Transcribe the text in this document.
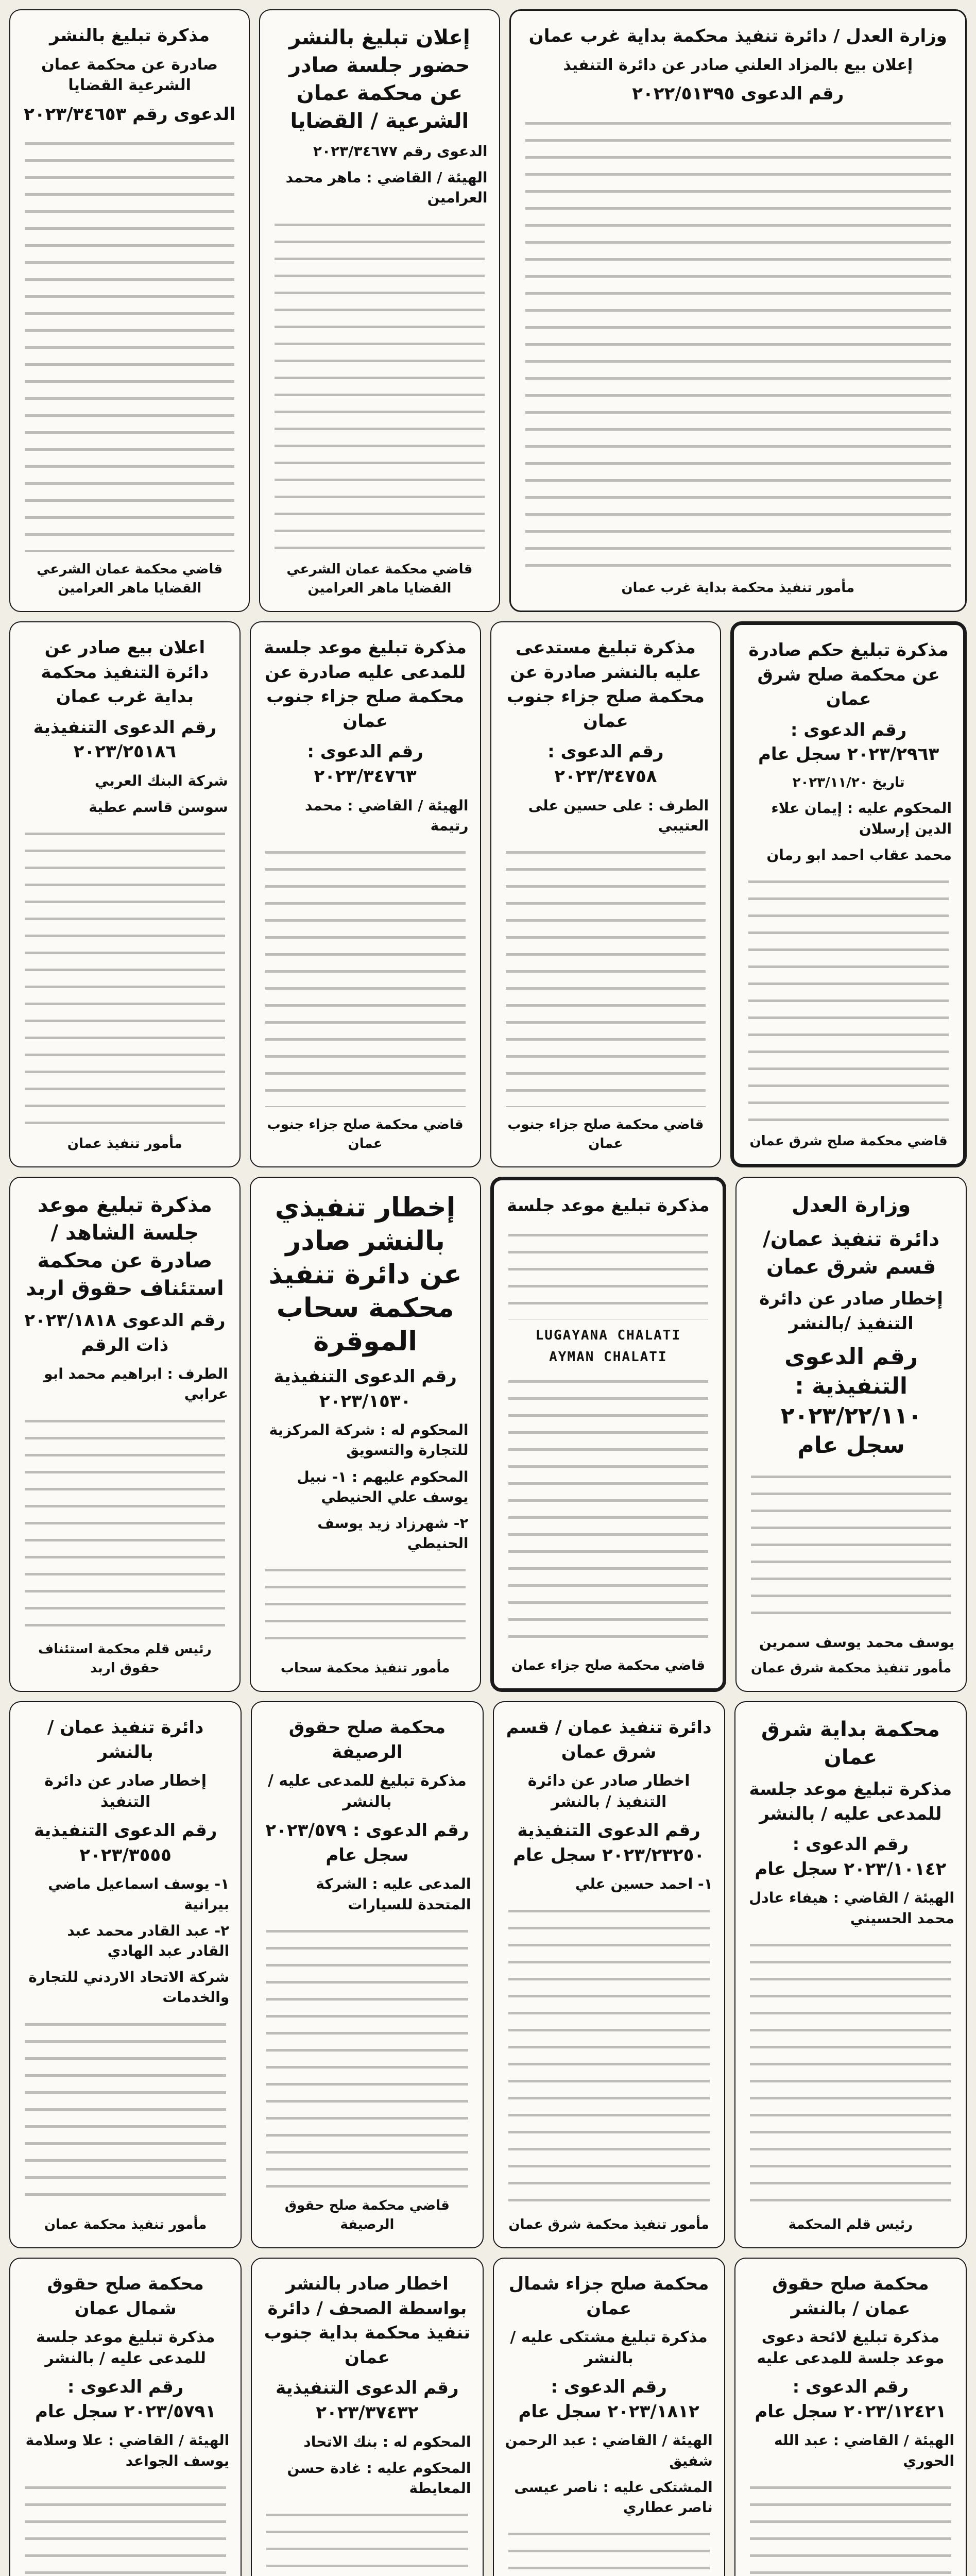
وزارة العدل / دائرة تنفيذ محكمة بداية غرب عمان
إعلان بيع بالمزاد العلني صادر عن دائرة التنفيذ
رقم الدعوى ٢٠٢٢/٥١٣٩٥
مأمور تنفيذ محكمة بداية غرب عمان
إعلان تبليغ بالنشر حضور جلسة صادر عن محكمة عمان الشرعية / القضايا
الدعوى رقم ٢٠٢٣/٣٤٦٧٧
الهيئة / القاضي : ماهر محمد العرامين
قاضي محكمة عمان الشرعي القضايا ماهر العرامين
مذكرة تبليغ بالنشر
صادرة عن محكمة عمان الشرعية القضايا
الدعوى رقم ٢٠٢٣/٣٤٦٥٣
قاضي محكمة عمان الشرعي القضايا ماهر العرامين
مذكرة تبليغ حكم صادرة عن محكمة صلح شرق عمان
رقم الدعوى : ٢٠٢٣/٢٩٦٣ سجل عام
تاريخ ٢٠٢٣/١١/٢٠
المحكوم عليه : إيمان علاء الدين إرسلان
محمد عقاب احمد ابو رمان
قاضي محكمة صلح شرق عمان
مذكرة تبليغ مستدعى عليه بالنشر صادرة عن محكمة صلح جزاء جنوب عمان
رقم الدعوى : ٢٠٢٣/٣٤٧٥٨
الطرف : على حسين على العتيبي
قاضي محكمة صلح جزاء جنوب عمان
مذكرة تبليغ موعد جلسة للمدعى عليه صادرة عن محكمة صلح جزاء جنوب عمان
رقم الدعوى : ٢٠٢٣/٣٤٧٦٣
الهيئة / القاضي : محمد رتيمة
قاضي محكمة صلح جزاء جنوب عمان
اعلان بيع صادر عن دائرة التنفيذ محكمة بداية غرب عمان
رقم الدعوى التنفيذية ٢٠٢٣/٢٥١٨٦
شركة البنك العربي
سوسن قاسم عطية
مأمور تنفيذ عمان
وزارة العدل
دائرة تنفيذ عمان/قسم شرق عمان
إخطار صادر عن دائرة التنفيذ /بالنشر
رقم الدعوى التنفيذية : ٢٠٢٣/٢٢/١١٠ سجل عام
يوسف محمد يوسف سمرين
مأمور تنفيذ محكمة شرق عمان
مذكرة تبليغ موعد جلسة
LUGAYANA CHALATI
AYMAN CHALATI
قاضي محكمة صلح جزاء عمان
إخطار تنفيذي بالنشر صادر عن دائرة تنفيذ محكمة سحاب الموقرة
رقم الدعوى التنفيذية ٢٠٢٣/١٥٣٠
المحكوم له : شركة المركزية للتجارة والتسويق
المحكوم عليهم : ١- نبيل يوسف علي الحنيطي
٢- شهرزاد زيد يوسف الحنيطي
مأمور تنفيذ محكمة سحاب
مذكرة تبليغ موعد جلسة الشاهد / صادرة عن محكمة استئناف حقوق اربد
رقم الدعوى ٢٠٢٣/١٨١٨ ذات الرقم
الطرف : ابراهيم محمد ابو عرابي
رئيس قلم محكمة استئناف حقوق اربد
محكمة بداية شرق عمان
مذكرة تبليغ موعد جلسة للمدعى عليه / بالنشر
رقم الدعوى : ٢٠٢٣/١٠١٤٢ سجل عام
الهيئة / القاضي : هيفاء عادل محمد الحسيني
رئيس قلم المحكمة
دائرة تنفيذ عمان / قسم شرق عمان
اخطار صادر عن دائرة التنفيذ / بالنشر
رقم الدعوى التنفيذية ٢٠٢٣/٢٣٢٥٠ سجل عام
١- احمد حسين علي
مأمور تنفيذ محكمة شرق عمان
محكمة صلح حقوق الرصيفة
مذكرة تبليغ للمدعى عليه / بالنشر
رقم الدعوى : ٢٠٢٣/٥٧٩ سجل عام
المدعى عليه : الشركة المتحدة للسيارات
قاضي محكمة صلح حقوق الرصيفة
دائرة تنفيذ عمان / بالنشر
إخطار صادر عن دائرة التنفيذ
رقم الدعوى التنفيذية ٢٠٢٣/٣٥٥٥
١- يوسف اسماعيل ماضي بيرانية
٢- عبد القادر محمد عبد القادر عبد الهادي
شركة الاتحاد الاردني للتجارة والخدمات
مأمور تنفيذ محكمة عمان
محكمة صلح حقوق عمان / بالنشر
مذكرة تبليغ لائحة دعوى موعد جلسة للمدعى عليه
رقم الدعوى : ٢٠٢٣/١٢٤٢١ سجل عام
الهيئة / القاضي : عبد الله الحوري
محكمة صلح جزاء شمال عمان
مذكرة تبليغ مشتكى عليه / بالنشر
رقم الدعوى : ٢٠٢٣/١٨١٢ سجل عام
الهيئة / القاضي : عبد الرحمن شفيق
المشتكى عليه : ناصر عيسى ناصر عطاري
اخطار صادر بالنشر بواسطة الصحف / دائرة تنفيذ محكمة بداية جنوب عمان
رقم الدعوى التنفيذية ٢٠٢٣/٣٧٤٣٢
المحكوم له : بنك الاتحاد
المحكوم عليه : غادة حسن المعايطة
محكمة صلح حقوق شمال عمان
مذكرة تبليغ موعد جلسة للمدعى عليه / بالنشر
رقم الدعوى : ٢٠٢٣/٥٧٩١ سجل عام
الهيئة / القاضي : علا وسلامة يوسف الجواعد
